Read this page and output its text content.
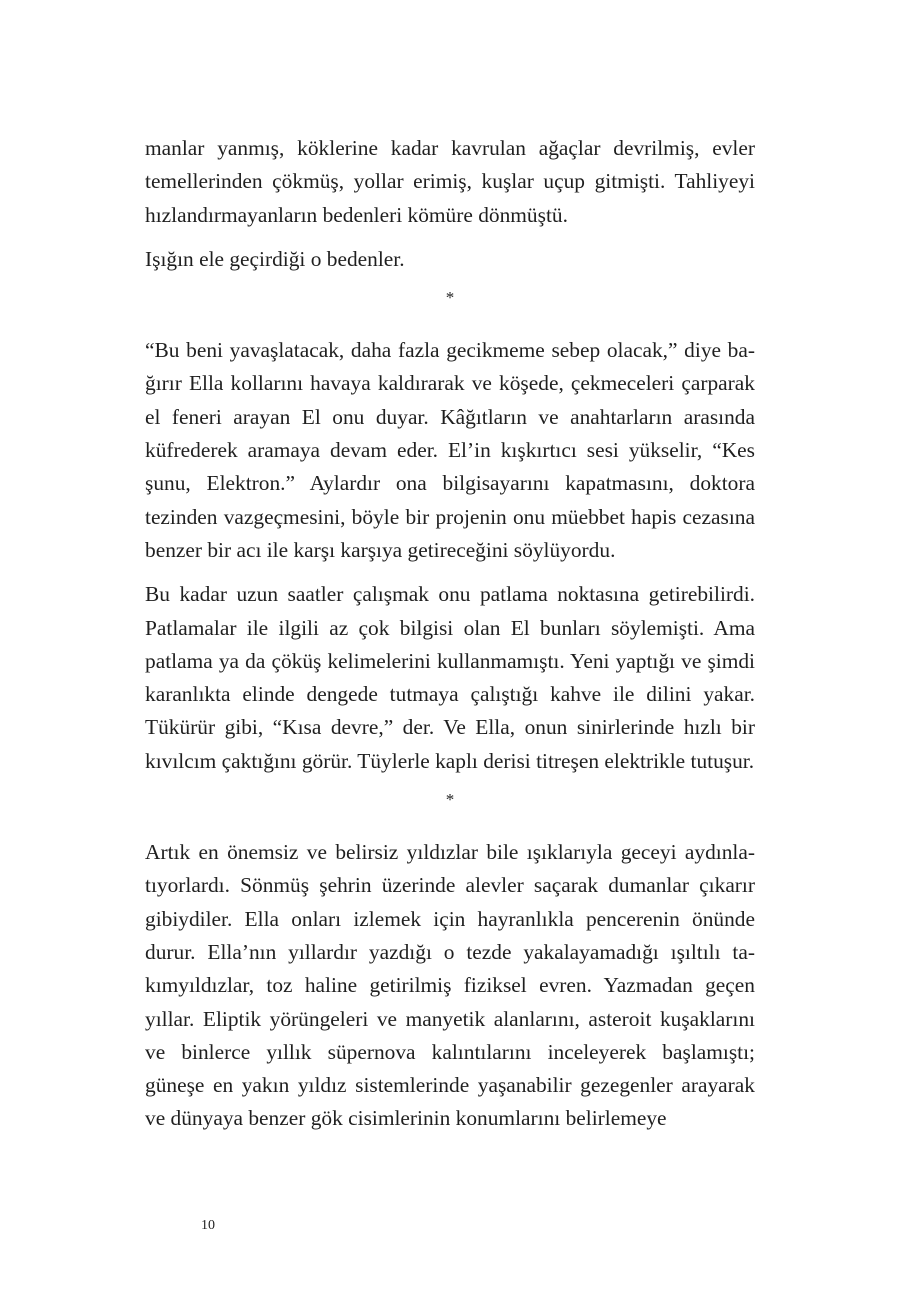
manlar yanmış, köklerine kadar kavrulan ağaçlar devrilmiş, evler temellerinden çökmüş, yollar erimiş, kuşlar uçup gitmişti. Tahliyeyi hızlandırmayanların bedenleri kömüre dönmüştü.

Işığın ele geçirdiği o bedenler.

*

“Bu beni yavaşlatacak, daha fazla gecikmeme sebep olacak,” diye bağırır Ella kollarını havaya kaldırarak ve köşede, çekmeceleri çarparak el feneri arayan El onu duyar. Kâğıtların ve anahtarların arasında küfrederek aramaya devam eder. El’in kışkırtıcı sesi yükselir, “Kes şunu, Elektron.” Aylardır ona bilgisayarını kapatmasını, doktora tezinden vazgeçmesini, böyle bir projenin onu müebbet hapis cezasına benzer bir acı ile karşı karşıya getireceğini söylüyordu.

Bu kadar uzun saatler çalışmak onu patlama noktasına getirebilirdi. Patlamalar ile ilgili az çok bilgisi olan El bunları söylemişti. Ama patlama ya da çöküş kelimelerini kullanmamıştı. Yeni yaptığı ve şimdi karanlıkta elinde dengede tutmaya çalıştığı kahve ile dilini yakar. Tükürür gibi, “Kısa devre,” der. Ve Ella, onun sinirlerinde hızlı bir kıvılcım çaktığını görür. Tüylerle kaplı derisi titreşen elektrikle tutuşur.

*

Artık en önemsiz ve belirsiz yıldızlar bile ışıklarıyla geceyi aydınlatıyorlardı. Sönmüş şehrin üzerinde alevler saçarak dumanlar çıkarır gibiydiler. Ella onları izlemek için hayranlıkla pencerenin önünde durur. Ella’nın yıllardır yazdığı o tezde yakalayamadığı ışıltılı takımyıldızlar, toz haline getirilmiş fiziksel evren. Yazmadan geçen yıllar. Eliptik yörüngeleri ve manyetik alanlarını, asteroit kuşaklarını ve binlerce yıllık süpernova kalıntılarını inceleyerek başlamıştı; güneşe en yakın yıldız sistemlerinde yaşanabilir gezegenler arayarak ve dünyaya benzer gök cisimlerinin konumlarını belirlemeye

10
